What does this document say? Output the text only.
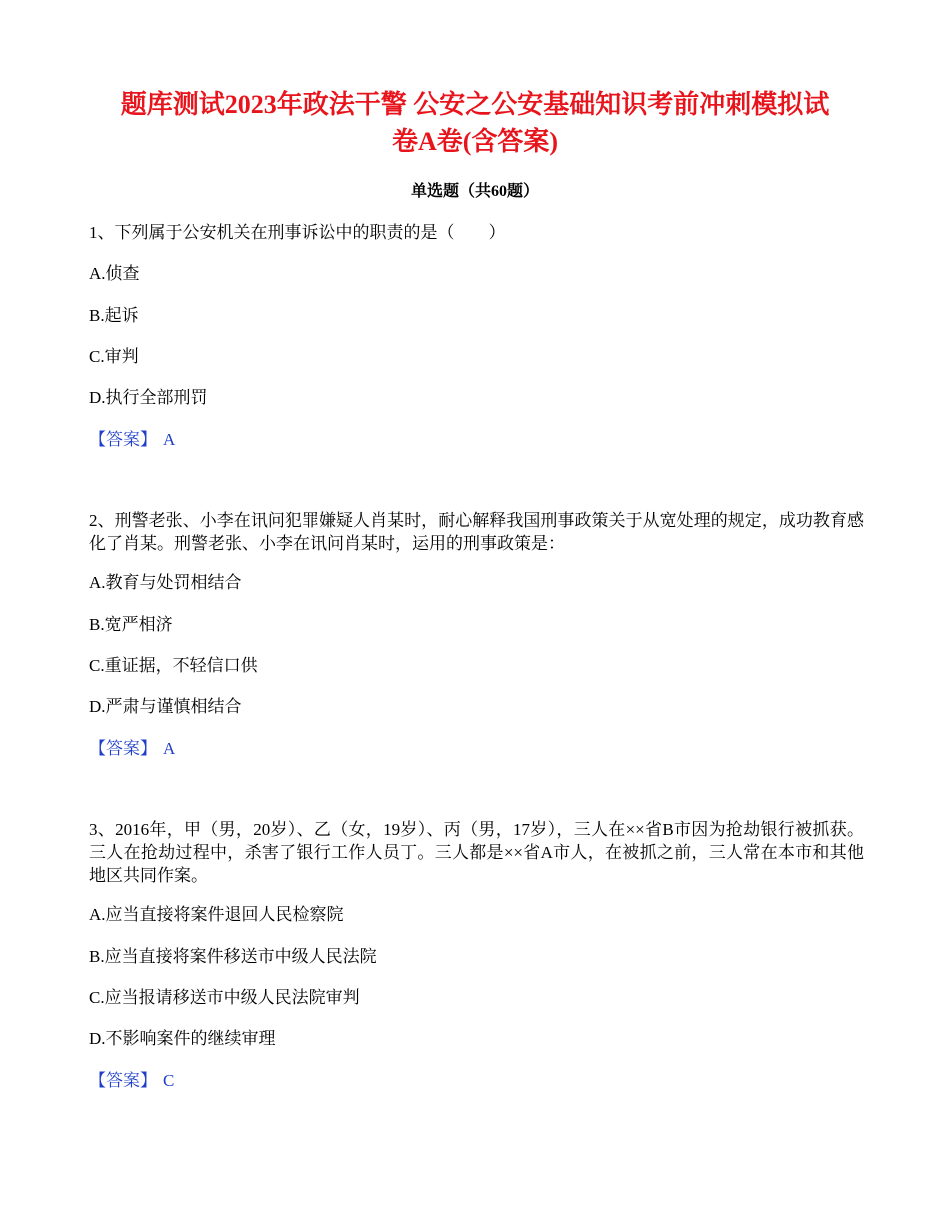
题库测试2023年政法干警 公安之公安基础知识考前冲刺模拟试
卷A卷(含答案)
单选题（共60题）
1、下列属于公安机关在刑事诉讼中的职责的是（　　）
A.侦查
B.起诉
C.审判
D.执行全部刑罚
【答案】 A
2、刑警老张、小李在讯问犯罪嫌疑人肖某时，耐心解释我国刑事政策关于从宽处理的规定，成功教育感化了肖某。刑警老张、小李在讯问肖某时，运用的刑事政策是：
A.教育与处罚相结合
B.宽严相济
C.重证据，不轻信口供
D.严肃与谨慎相结合
【答案】 A
3、2016年，甲（男，20岁）、乙（女，19岁）、丙（男，17岁），三人在××省B市因为抢劫银行被抓获。三人在抢劫过程中，杀害了银行工作人员丁。三人都是××省A市人，在被抓之前，三人常在本市和其他地区共同作案。
A.应当直接将案件退回人民检察院
B.应当直接将案件移送市中级人民法院
C.应当报请移送市中级人民法院审判
D.不影响案件的继续审理
【答案】 C
